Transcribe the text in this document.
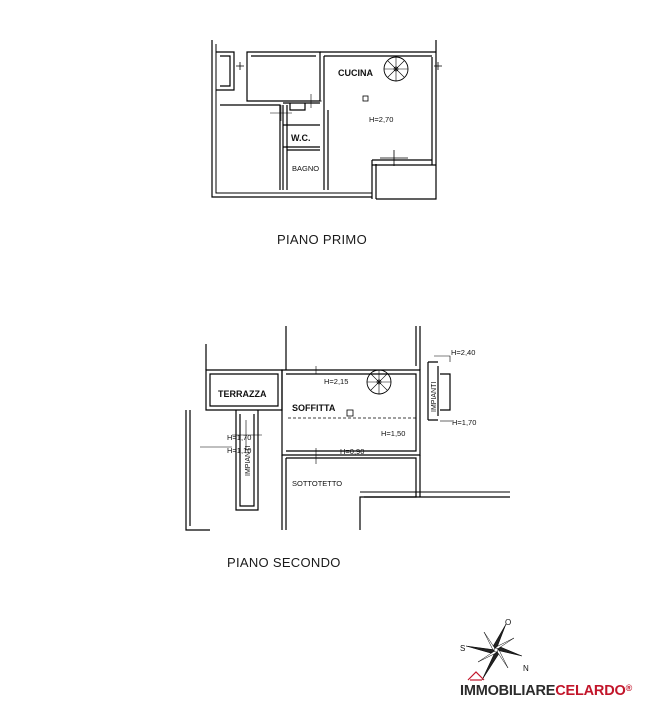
CUCINA
H=2,70
W.C.
BAGNO
TERRAZZA
SOFFITTA
H=2,15
H=1,50
H=0,90
SOTTOTETTO
H=2,40
H=1,70
H=1,70
H=1,10
IMPIANTI
IMPIANTI
S
O
N
PIANO PRIMO
PIANO SECONDO
IMMOBILIARECELARDO®
